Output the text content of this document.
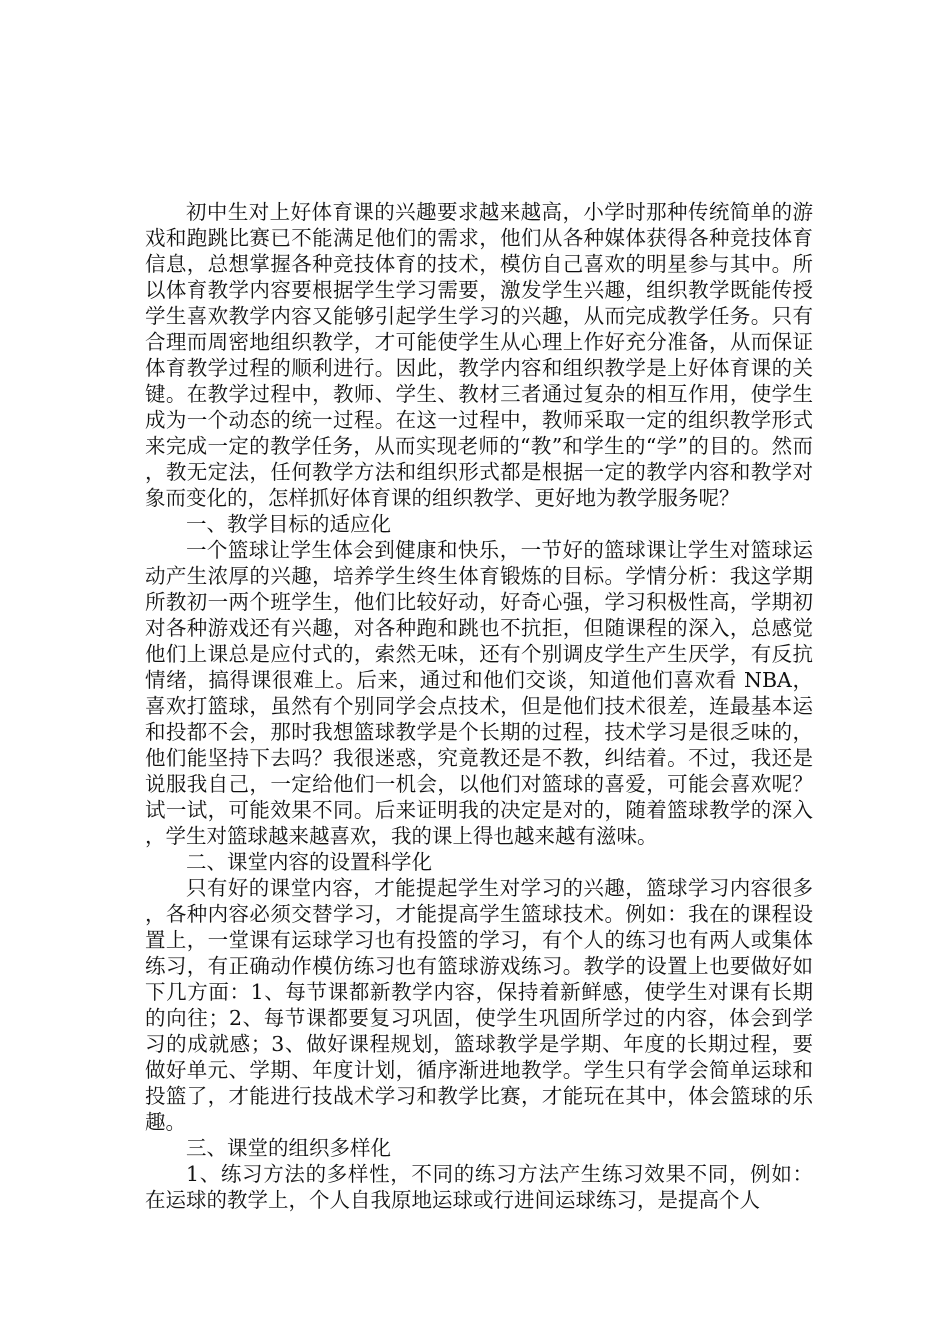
初中生对上好体育课的兴趣要求越来越高，小学时那种传统简单的游戏和跑跳比赛已不能满足他们的需求，他们从各种媒体获得各种竞技体育信息，总想掌握各种竞技体育的技术，模仿自己喜欢的明星参与其中。所以体育教学内容要根据学生学习需要，激发学生兴趣，组织教学既能传授学生喜欢教学内容又能够引起学生学习的兴趣，从而完成教学任务。只有合理而周密地组织教学，才可能使学生从心理上作好充分准备，从而保证体育教学过程的顺利进行。因此，教学内容和组织教学是上好体育课的关键。在教学过程中，教师、学生、教材三者通过复杂的相互作用，使学生成为一个动态的统一过程。在这一过程中，教师采取一定的组织教学形式来完成一定的教学任务，从而实现老师的“教”和学生的“学”的目的。然而，教无定法，任何教学方法和组织形式都是根据一定的教学内容和教学对象而变化的，怎样抓好体育课的组织教学、更好地为教学服务呢？

一、教学目标的适应化

一个篮球让学生体会到健康和快乐，一节好的篮球课让学生对篮球运动产生浓厚的兴趣，培养学生终生体育锻炼的目标。学情分析：我这学期所教初一两个班学生，他们比较好动，好奇心强，学习积极性高，学期初对各种游戏还有兴趣，对各种跑和跳也不抗拒，但随课程的深入，总感觉他们上课总是应付式的，索然无味，还有个别调皮学生产生厌学，有反抗情绪，搞得课很难上。后来，通过和他们交谈，知道他们喜欢看 NBA，喜欢打篮球，虽然有个别同学会点技术，但是他们技术很差，连最基本运和投都不会，那时我想篮球教学是个长期的过程，技术学习是很乏味的，他们能坚持下去吗？我很迷惑，究竟教还是不教，纠结着。不过，我还是说服我自己，一定给他们一机会，以他们对篮球的喜爱，可能会喜欢呢？试一试，可能效果不同。后来证明我的决定是对的，随着篮球教学的深入，学生对篮球越来越喜欢，我的课上得也越来越有滋味。

二、课堂内容的设置科学化

只有好的课堂内容，才能提起学生对学习的兴趣，篮球学习内容很多，各种内容必须交替学习，才能提高学生篮球技术。例如：我在的课程设置上，一堂课有运球学习也有投篮的学习，有个人的练习也有两人或集体练习，有正确动作模仿练习也有篮球游戏练习。教学的设置上也要做好如下几方面：1、每节课都新教学内容，保持着新鲜感，使学生对课有长期的向往；2、每节课都要复习巩固，使学生巩固所学过的内容，体会到学习的成就感；3、做好课程规划，篮球教学是学期、年度的长期过程，要做好单元、学期、年度计划，循序渐进地教学。学生只有学会简单运球和投篮了，才能进行技战术学习和教学比赛，才能玩在其中，体会篮球的乐趣。

三、课堂的组织多样化

1、练习方法的多样性，不同的练习方法产生练习效果不同，例如：在运球的教学上，个人自我原地运球或行进间运球练习，是提高个人
